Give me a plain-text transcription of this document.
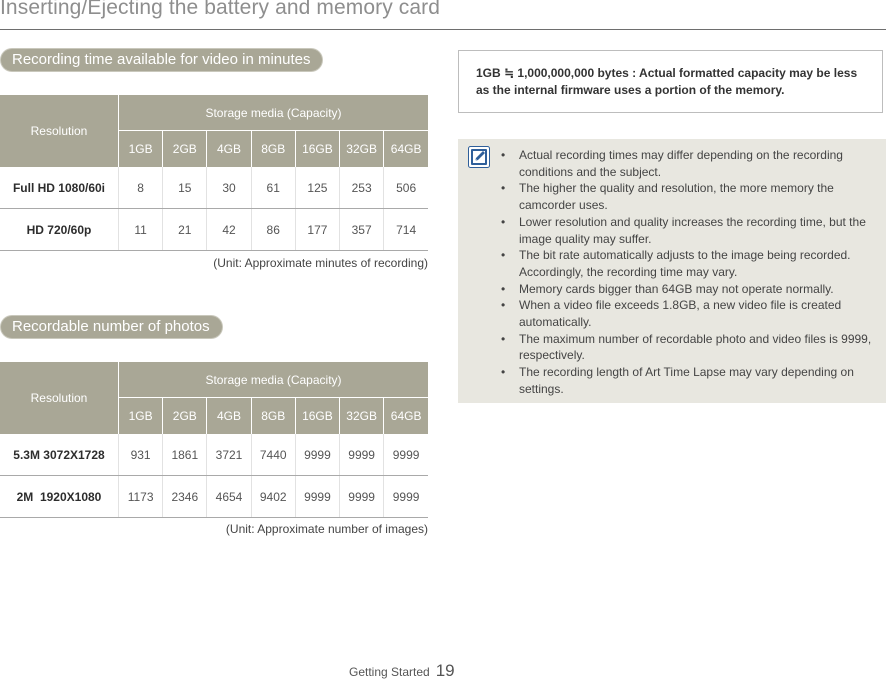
Inserting/Ejecting the battery and memory card
Recording time available for video in minutes
Resolution	Storage media (Capacity)						
	1GB	2GB	4GB	8GB	16GB	32GB	64GB
Full HD 1080/60i	8	15	30	61	125	253	506
HD 720/60p	11	21	42	86	177	357	714
(Unit: Approximate minutes of recording)
Recordable number of photos
Resolution	Storage media (Capacity)						
	1GB	2GB	4GB	8GB	16GB	32GB	64GB
5.3M 3072X1728	931	1861	3721	7440	9999	9999	9999
2M  1920X1080	1173	2346	4654	9402	9999	9999	9999
(Unit: Approximate number of images)
1GB ≒ 1,000,000,000 bytes : Actual formatted capacity may be less as the internal firmware uses a portion of the memory.
• Actual recording times may differ depending on the recording conditions and the subject.
• The higher the quality and resolution, the more memory the camcorder uses.
• Lower resolution and quality increases the recording time, but the image quality may suffer.
• The bit rate automatically adjusts to the image being recorded. Accordingly, the recording time may vary.
• Memory cards bigger than 64GB may not operate normally.
• When a video file exceeds 1.8GB, a new video file is created automatically.
• The maximum number of recordable photo and video files is 9999, respectively.
• The recording length of Art Time Lapse may vary depending on settings.
Getting Started 19
